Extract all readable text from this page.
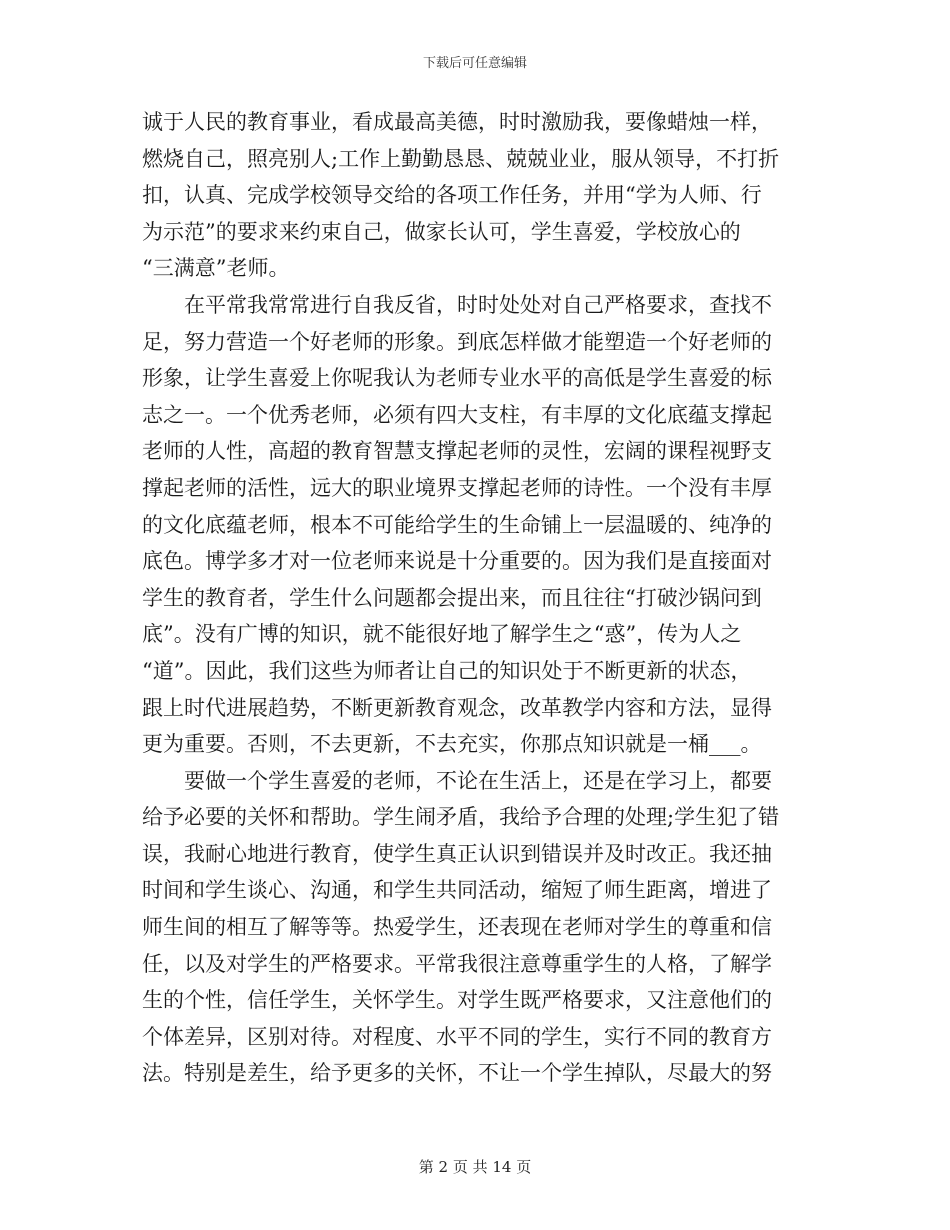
下载后可任意编辑
诚于人民的教育事业，看成最高美德，时时激励我，要像蜡烛一样，
燃烧自己，照亮别人;工作上勤勤恳恳、兢兢业业，服从领导，不打折
扣，认真、完成学校领导交给的各项工作任务，并用“学为人师、行
为示范”的要求来约束自己，做家长认可，学生喜爱，学校放心的
“三满意”老师。
　　在平常我常常进行自我反省，时时处处对自己严格要求，查找不
足，努力营造一个好老师的形象。到底怎样做才能塑造一个好老师的
形象，让学生喜爱上你呢我认为老师专业水平的高低是学生喜爱的标
志之一。一个优秀老师，必须有四大支柱，有丰厚的文化底蕴支撑起
老师的人性，高超的教育智慧支撑起老师的灵性，宏阔的课程视野支
撑起老师的活性，远大的职业境界支撑起老师的诗性。一个没有丰厚
的文化底蕴老师，根本不可能给学生的生命铺上一层温暖的、纯净的
底色。博学多才对一位老师来说是十分重要的。因为我们是直接面对
学生的教育者，学生什么问题都会提出来，而且往往“打破沙锅问到
底”。没有广博的知识，就不能很好地了解学生之“惑”，传为人之
“道”。因此，我们这些为师者让自己的知识处于不断更新的状态，
跟上时代进展趋势，不断更新教育观念，改革教学内容和方法，显得
更为重要。否则，不去更新，不去充实，你那点知识就是一桶___。
　　要做一个学生喜爱的老师，不论在生活上，还是在学习上，都要
给予必要的关怀和帮助。学生闹矛盾，我给予合理的处理;学生犯了错
误，我耐心地进行教育，使学生真正认识到错误并及时改正。我还抽
时间和学生谈心、沟通，和学生共同活动，缩短了师生距离，增进了
师生间的相互了解等等。热爱学生，还表现在老师对学生的尊重和信
任，以及对学生的严格要求。平常我很注意尊重学生的人格，了解学
生的个性，信任学生，关怀学生。对学生既严格要求，又注意他们的
个体差异，区别对待。对程度、水平不同的学生，实行不同的教育方
法。特别是差生，给予更多的关怀，不让一个学生掉队，尽最大的努
第 2 页 共 14 页
